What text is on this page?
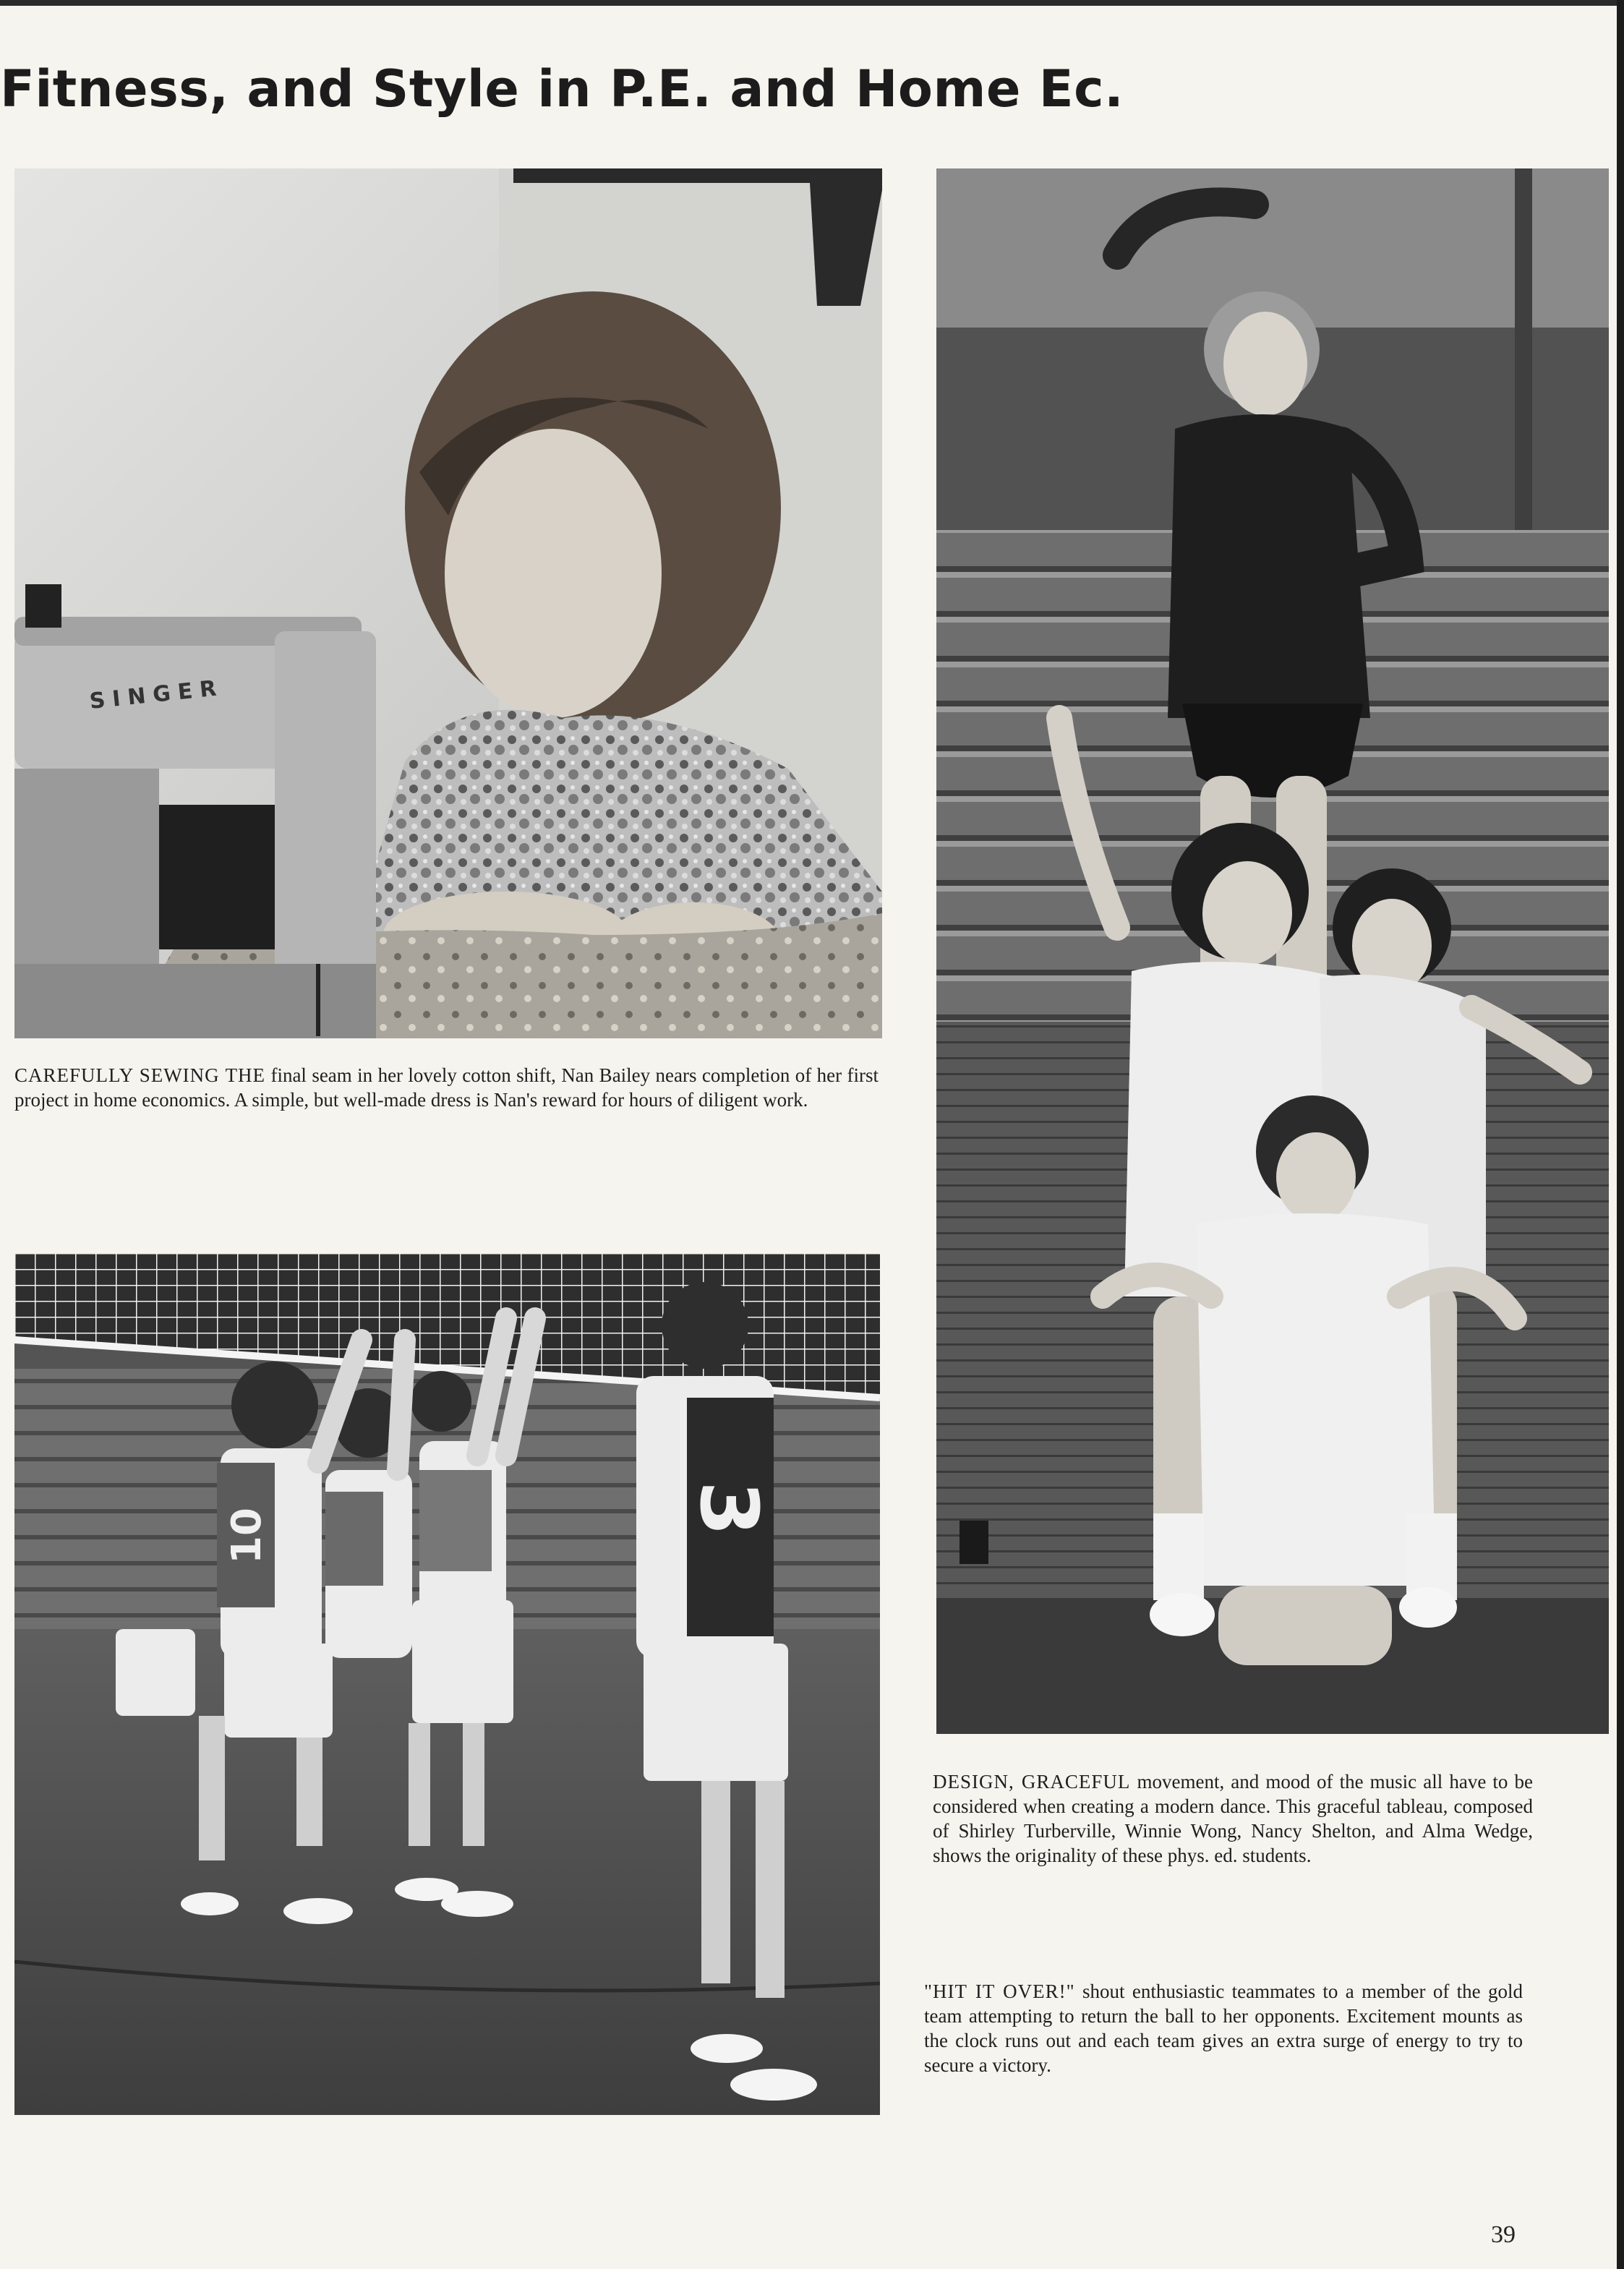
Fitness, and Style in P.E. and Home Ec.
SINGER

CAREFULLY SEWING THE final seam in her lovely cotton shift, Nan Bailey nears completion of her first project in home economics. A simple, but well-made dress is Nan's reward for hours of diligent work.

10	3

DESIGN, GRACEFUL movement, and mood of the music all have to be considered when creating a modern dance. This graceful tableau, composed of Shirley Turberville, Winnie Wong, Nancy Shelton, and Alma Wedge, shows the originality of these phys. ed. students.

"HIT IT OVER!" shout enthusiastic teammates to a member of the gold team attempting to return the ball to her opponents. Excitement mounts as the clock runs out and each team gives an extra surge of energy to try to secure a victory.

39
